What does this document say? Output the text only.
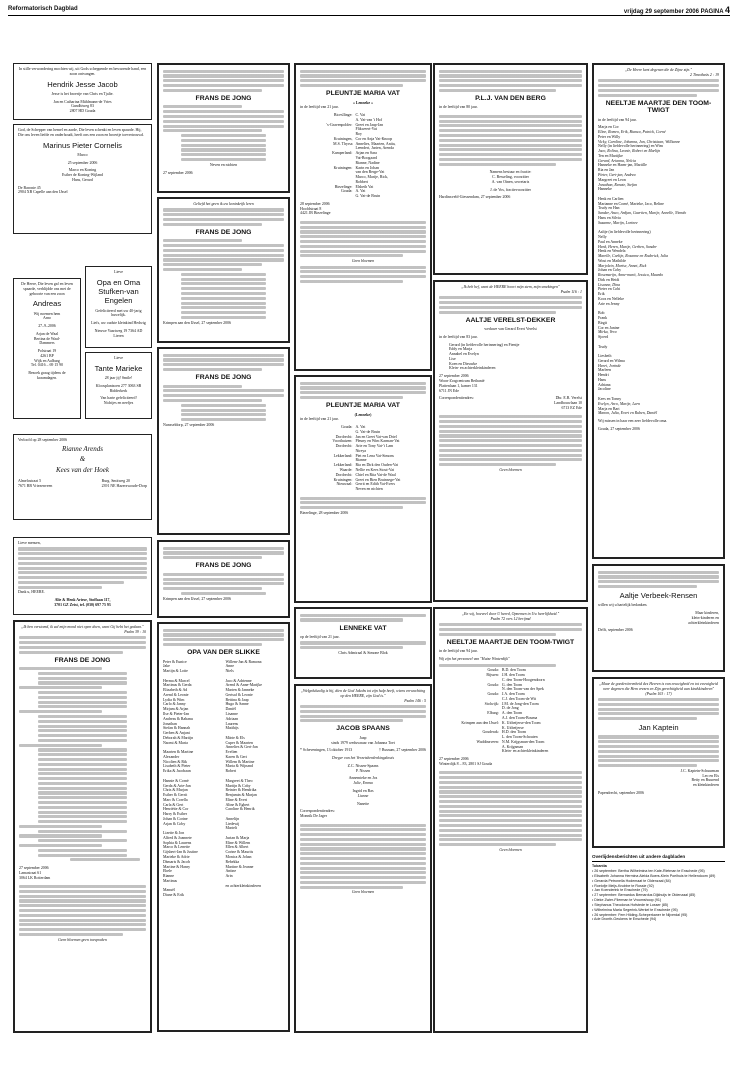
Reformatorisch Dagblad	vrijdag 29 september 2006 PAGINA 4
In stille verwondering mochten wij, uit Gods scheppende en bewarende hand, een zoon ontvangen.
Hendrik Jesse Jacob
Jesse is het broertje van Chris en Tjalie.
Jan en Catharina Mühlmann-de Vries
Gandhiweg 83
2807 HD Gouda
God, de Schepper van hemel en aarde, Die leven schenkt en leven spaarde. Hij, Die ons leven liefde en onderhoudt, heeft ons een zoon en broertje toevertrouwd.
Marinus Pieter Cornelis
Marco
25 september 2006
Marco en Koning
Esther de Koning-Wijland
Hans, Gerard
De Baronie 45
2904 XB Capelle aan den IJssel
De Heere, Die leven gaf en leven spaarde, verblijdde ons met de geboorte van een zoon
Andreas
Wij noemen hem
Arno
27–9–2006
Arjan de Waal
Bertina de Waal-
Dammers
Polstraat 19
4261 BP
Wijk en Aalburg
Tel. 0416 – 69 15 90
Bezoek graag tijdens de kraamdagen.
Lieve
Opa en Oma Stufken-van Engelen
Gefeliciteerd met uw 40-jarig huwelijk.
Liefs, uw oudste kleinkind Hedwig
Nieuwe Vaartweg 19 7364 AD Lieren
Lieve
Tante Marieke
28 jaar jij! Smile!
Kloosplantsoen 277 3063 SB Ridderkerk
Van harte gefeliciteerd!
Nichtjes en neefjes
Verloofd op 28 september 2006
Rianne Arends
&
Kees van der Hoek
Almelostraat 5
7671 BB Vriezenveen
Burg. Smitweg 20
2391 NE Hazerswoude-Dorp
Lieve mensen,
Dank u, HEERE.
Alie & Henk Ariese, Stoffaan 117,
3701 GZ Zeist, tel. (030) 697 75 93
„Ik ben verstomd, ik zal mijn mond niet open doen, want Gij hebt het gedaan."
Psalm 39 : 10
FRANS DE JONG
27 september 2006
Lamastraat 61
3064 LK Rotterdam
Geen bloemen geen toespraken
FRANS DE JONG
Neven en nichten
27 september 2006
Geliefd het geen ik uw koninkrijk leren
FRANS DE JONG
Krimpen aan den IJssel, 27 september 2006
FRANS DE JONG
Nunsseldorp, 27 september 2006
FRANS DE JONG
Krimpen aan den IJssel, 27 september 2006
OPA VAN DER SLIKKE
Peter & Eunice
Jake
Martijn & Lotte

Herma & Marcel
Martinus & Gerda
Elizabeth & Ad
Arend & Leonie
Lydia & Wim
Carlo & Janny
Mirjam & Arjan
Ilse & Pieter-Jan
Andreas & Rabanu
Jonathan
Stefan & Hannah
Gerben & Anjani
Deborah & Martijn
Naomi & Maria

Maarten & Martine
Alexander
Nicolien & Rik
Lisabeth & Pieter
Erika & Jacobaan

Hannie & Cornè
Gerda & Arie-Jan
Chris & Marjan
Esther & Gerrit
Marc & Corella
Carla & Gert
Henriëtte & Cor
Harry & Esther
Johan & Corine
Arjan & Coby

Lizette & Jon
Alfred & Joannete
Sophia & Laurens
Marco & Lenette
Gijsbert-Jan & Justine
Marieke & Adrie
Dàmaris & Jacob
Martine & Hanry
Ebele
Rianne
Martinus

Manuël
Diane & Erik
Willem-Jan & Ramona
Anne
Niels

Jaco & Adrienne
Arend & Anne-Marijke
Marten & Janneke
Gertsaf & Leonie
Bettina & Jaap
Hugo & Sanne
Daniël
Lisanne
Adriaan
Laurens
Matthijs

Märte & Els
Cuper & Maarten
Annelies & Gert-Jan
Evelien
Karen & Gert
Willem & Martine
Marta & Wijnand
Robert

Margreet & Theo
Martijn & Coby
Reinier & Hendrika
Benjamin & Marjan
Eline & Evert
Aline & Egbert
Caroline & Henrik

Annelijn
Liedewij
Martelt

Jurian & Marja
Eline & Willem
Ellen & Albert
Corine & Maurits
Monica & Johan
Rebekka
Martine & Jeanne
Antine
Arin

en achterkleinkinderen
PLEUNTJE MARIA VAT
« Lenneke »
in de leeftijd van 21 jaar.
Bicesllinge: C. Vat
A. Vat-van 't Hof
's-Gravenpolder: Greet en Jaap-Jan
Flikweert-Vat
Roy
Kruiningen, Cor en Anja Vat-Knoop
M.S. Thyrsa Annelies, Maarten, Anita,
Leendert, Jurien, Arenda
Kamperland: Arjan en Sara
Vat-Boogaard
Rianne, Nadine
Kruiningen: Karin en Johan
van den Berge-Vat
Marco, Marije, Rick,
Robbert
Biezelinge: Elsbeth Vat
Gouda: A. Vat
G. Vat-de Bruin
28 september 2006
Hoofdstraat 8
4421 JB Biezelinge
Geen bloemen
PLEUNTJE MARIA VAT
(Lenneke)
in de leeftijd van 21 jaar.
Gouda: A. Vat
G. Vat-de Bruin
Dordrecht: Jan en Greet Vat-van Driel
Voorthuizen: Pleuny en Wim Karman-Vat
Dordrecht: Arie en Tony Vat-'t Lam
Nireya
Lekkerland: Piet en Lena Vat-Simons
Rianne
Lekkerland: Ria en Dirk den Ouden-Vat
Waarde: Nellie en Kees Stout-Vat
Dordrecht: Chiel en Rita Vat-de Waal
Kruiningen: Greet en Bien Bruinsege-Vat
Nieuwaal: Gerrit en Edith Vat-Evers
Neven en nichten
Biezelinge, 28 september 2006
LENNEKE VAT
op de leeftijd van 21 jaar.
Chris Admiraal & Simone Blok
„En wij, hoeveel door U heerd, Opnemen in Uw heerlijkheid."
Psalm 72 vers 12 berijmd
NEELTJE MAARTJE DEN TOOM-TWIGT
in de leeftijd van 94 jaar.
Wij zijn het personeel van "Huize Winterdijk"
Gouda: B.D. den Toom
Bijssen: J.H. den Toom
C. den Toom-Hoogendoorn
Gouda: G. den Toom
N. den Toom-van der Spek
Gouda: J.A. den Toom
C.J. den Toom-de Wit
Stolwijk: J.M. de Jong-den Toom
D. de Jong
Elburg: A. den Toom
A.J. den Toom-Bouma
Krimpen aan den IJssel: K. Uitbeijerse-den Toom
K. Uitbeijerse
Gouderak: H.D. den Toom
L. den Toom-Schouten
Waddinxveen: N.M. Krijgsman-den Toom
A. Krijgsman
Klein- en achterkleinkinderen
27 september 2006
Winterdijk 8 – 83, 2801 SJ Gouda
Geen bloemen
„Welgelukzalig is hij, dien de God Jakobs tot zijn hulp heeft, wiens verwachting op den HEERE, zijn God is."
Psalm 146 : 5
JACOB SPAANS
Jaap
sinds 1979 weduwnaar van Johanna Toet
* Scheveningen, 13 oktober 1913	† Bussum, 27 september 2006
Dreger van het Verzetsherdenkingskruis
Z.C. Nissen-Spaans
P. Nissen
Annemieke en Jos
Julie, Emma
Ingrid en Bas
Lianne
Nanette
Correspondentieadres:
Monnik De Jager
Geen bloemen
P.L.J. VAN DEN BERG
in de leeftijd van 80 jaar.
Namens bestuur en fractie:
C. Besseling, voorzitter
A. van Oinen, secretaris
J. de Vos, fractievoorzitter
Hardinxveld-Giessendam, 27 september 2006
„Ik heb hef, want de HEERE hoort mijn stem, mijn smekingen"
Psalm 116 : 1
AALTJE VERELST-DEKKER
weduwe van Gerard Evert Verelst
in de leeftijd van 83 jaar.
Gerard (in liefdevolle herinnering) en Fientje
Eddy en Marja
Annabel en Evelyn
Lise
Koen en Dieuwke
Klein- en achterkleinkinderen
27 september 2006
Woon-Zorgcentrum Bethanië
Plattenlaan 1, kamer 131
6711 JN Ede
Correspondentieadres:	Dhr. E.B. Verelst
Landbouwlaan 10
6713 EZ Ede
Geen bloemen
„De Heere kent degenen die de Zijne zijn."
2 Timotheüs 2 : 19
NEELTJE MAARTJE DEN TOOM-TWIGT
in de leeftijd van 94 jaar.
Marja en Cor
Eline, Romeo, Erik, Bianca, Patrick, Corné
Peter en Willy
Vicky, Caroline, Johanna, Jan, Christiaan, Willianne
Nelly (in liefdevolle herinnering) en Wim
Jaco, Rolina, Leonie, Robert en Marlijn
Ten en Martijke
Gerard, Arianna, Nelcia
Hanneke en Harm-jan, Martille
Ria en Jan
Pieter, Gert-jan, Andrea
Margreet en Leon
Jonathan, Renate, Stefan
Hanneke

Henk en Carlien
Marianne en Corné, Marieke, Jaco, Reline
Trudy en Han
Sander, Anco, Ardjan, Gaertien, Marije, Annelle, Niendo
Hans en Silvia
Suzanne, Marijn, Lorinee

Aaltje (in liefdevolle herinnering)
Nelly
Paul en Anneke
Henk, Heren, Marije, Gerben, Sander
Henk en Wendela
Marelle, Carlijn, Rosanne en Roderick, Julia
Wout en Mathilde
Marjolein, Marise, Annet, Rick
Johan en Coby
Rosemarijn, Anne-marit, Jessica, Maardo
Dirk en Heidi
Lisanne, Dina
Pieter en Cobi
Erik
Koos en Nelleke
Arie en Jenny

Bob
Frank
Birgit
Cor en Janine
Mirka, Vera
Sjoerd

Trudy

Liesbeth
Gerard en Wilma
Henri, Jorinde
Marleen
Hendri
Hans
Adriana
Jacoline

Kees en Tonny
Evelyn, Arco, Marije, Larn
Marja en Bart
Manon, Julia, Evert en Ruben, Daniël
Wij missen in haar een zeer liefdevolle oma.
Gouda, 27 september 2006
Aaltje Verbeek-Rensen
willen wij u hartelijk bedanken.
Maar kinderen,
klein-kinderen en
achterkleinkinderen
Delft, september 2006
„Maar de goedertierenheid des Heeren is van eeuwigheid en tot eeuwigheid over degenen die Hem vrezen en Zijn gerechtigheid aan kindskinderen" (Psalm 103 : 17)
Jan Kaptein
J.C. Kaptein-Schuurman
Leo en Els
Betty en Buurend
en kleinkinderen
Papendrecht, september 2006
Overlijdensberichten uit andere dagbladen
Tubantia
• 26 september: Bertha Wilhelmina ten Kate-Rietman te Enschede (95)
• Elisabeth Johanna Hermina Alelda Boers-Klein Poelhuis te Hellendoorn (89)
• Gerarda Petronella Hodemaat te Oldenzaal (84)
• Roelofje Meijs-Knobbe te Rossie (92)
• Jan Koenderink te Enschede (79)
• 27 september: Bernardus Bernardus Dijkhuijs te Oldenzaal (85)
• Dieke Zwier-Flierman te Vroomshoop (91)
• Stephanus Theodorus Hofstede te Losser (85)
• Wilhelmina Maria Segerink-Werkel te Enschede (95)
• 26 september: Fem Hilding-Scheperkaner te Nijverdal (95)
• Ade Dronth-Geukens te Enschede (94)
